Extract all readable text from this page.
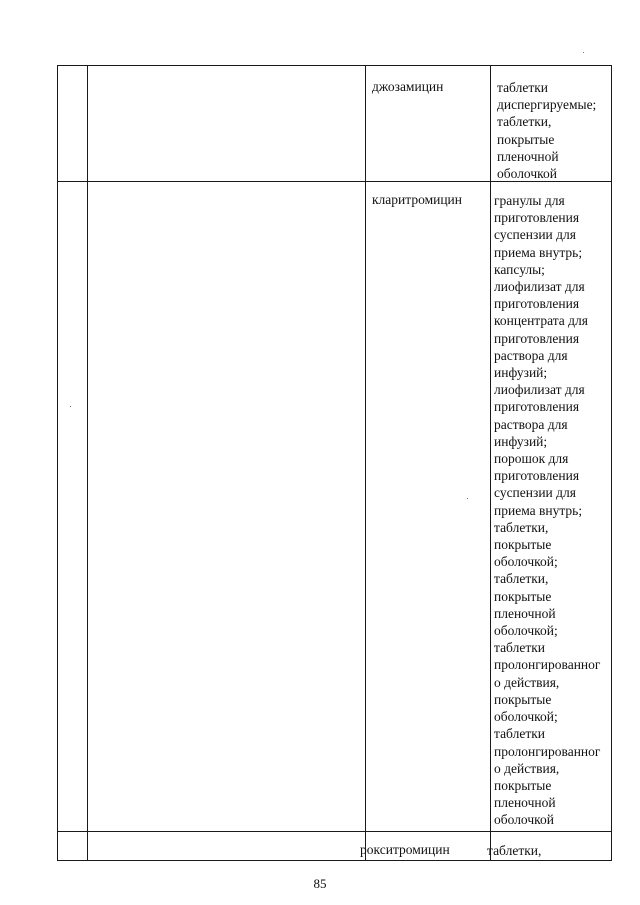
джозамицин	таблетки
диспергируемые;
таблетки,
покрытые
пленочной
оболочкой
кларитромицин гранулы для
приготовления
суспензии для
приема внутрь;
капсулы;
лиофилизат для
приготовления
концентрата для
приготовления
раствора для
инфузий;
лиофилизат для
приготовления
раствора для
инфузий;
порошок для
приготовления
суспензии для
приема внутрь;
таблетки,
покрытые
оболочкой;
таблетки,
покрытые
пленочной
оболочкой;
таблетки
пролонгированног
о действия,
покрытые
оболочкой;
таблетки
пролонгированног
о действия,
покрытые
пленочной
оболочкой
рокситромицин	таблетки,
85
